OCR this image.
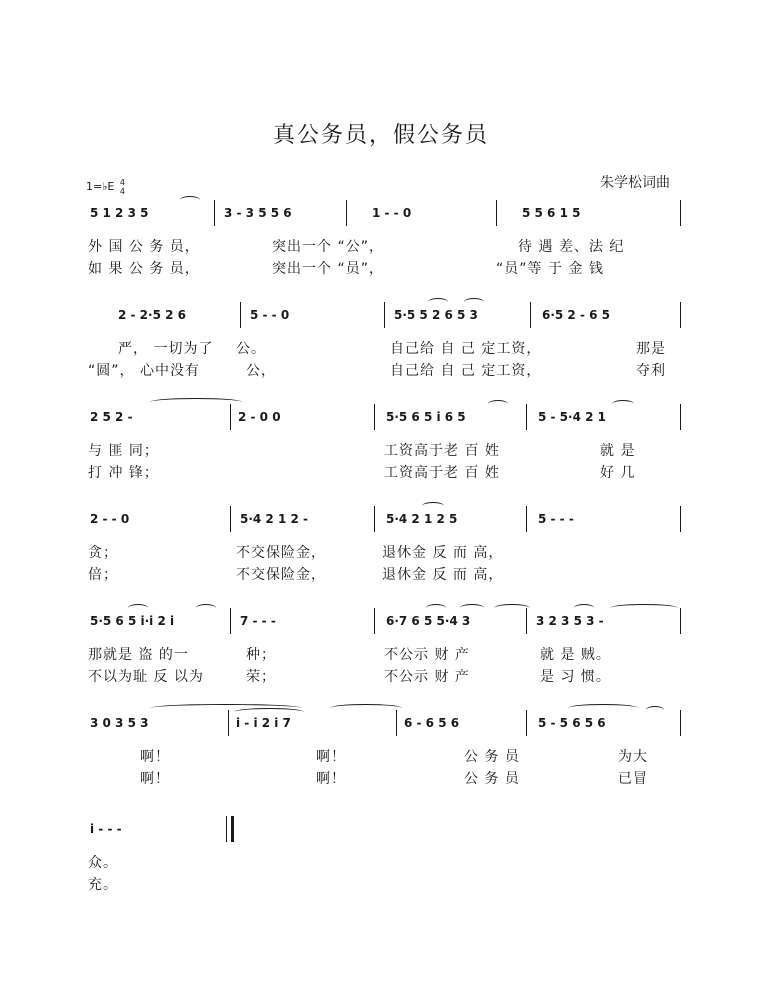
真公务员，假公务员
1=♭E 4
4
朱学松词曲
5 1 2 3 5	3 - 3 5 5 6	1 - - 0	5 5 6 1 5
外 国 公 务 员，	突出一个 “公”，	待 遇 差、法 纪
如 果 公 务 员，	突出一个 “员”，	“员”等 于 金 钱
2 - 2·5 2 6	5 - - 0	5·5 5 2 6 5 3	6·5 2 - 6 5
严， 一切为了 公。	自己给 自 己 定工资，	那是
“圆”， 心中没有	公，	自己给 自 己 定工资，	夺利
2 5 2 -	2 - 0 0	5·5 6 5 i 6 5	5 - 5·4 2 1
与 匪 同；	工资高于老 百 姓	就 是
打 冲 锋；	工资高于老 百 姓	好 几
2 - - 0	5·4 2 1 2 -	5·4 2 1 2 5	5 - - -
贪；	不交保险金，	退休金 反 而 高，
倍；	不交保险金，	退休金 反 而 高，
5·5 6 5 i·i 2 i	7 - - -	6·7 6 5 5·4 3	3 2 3 5 3 -
那就是 盗 的一	种；	不公示 财 产	就 是 贼。
不以为耻 反 以为	荣；	不公示 财 产	是 习 惯。
3 0 3 5 3	i - i 2 i 7	6 - 6 5 6	5 - 5 6 5 6
啊！	啊！	公 务 员	为大
啊！	啊！	公 务 员	已冒
i - - -
众。
充。
